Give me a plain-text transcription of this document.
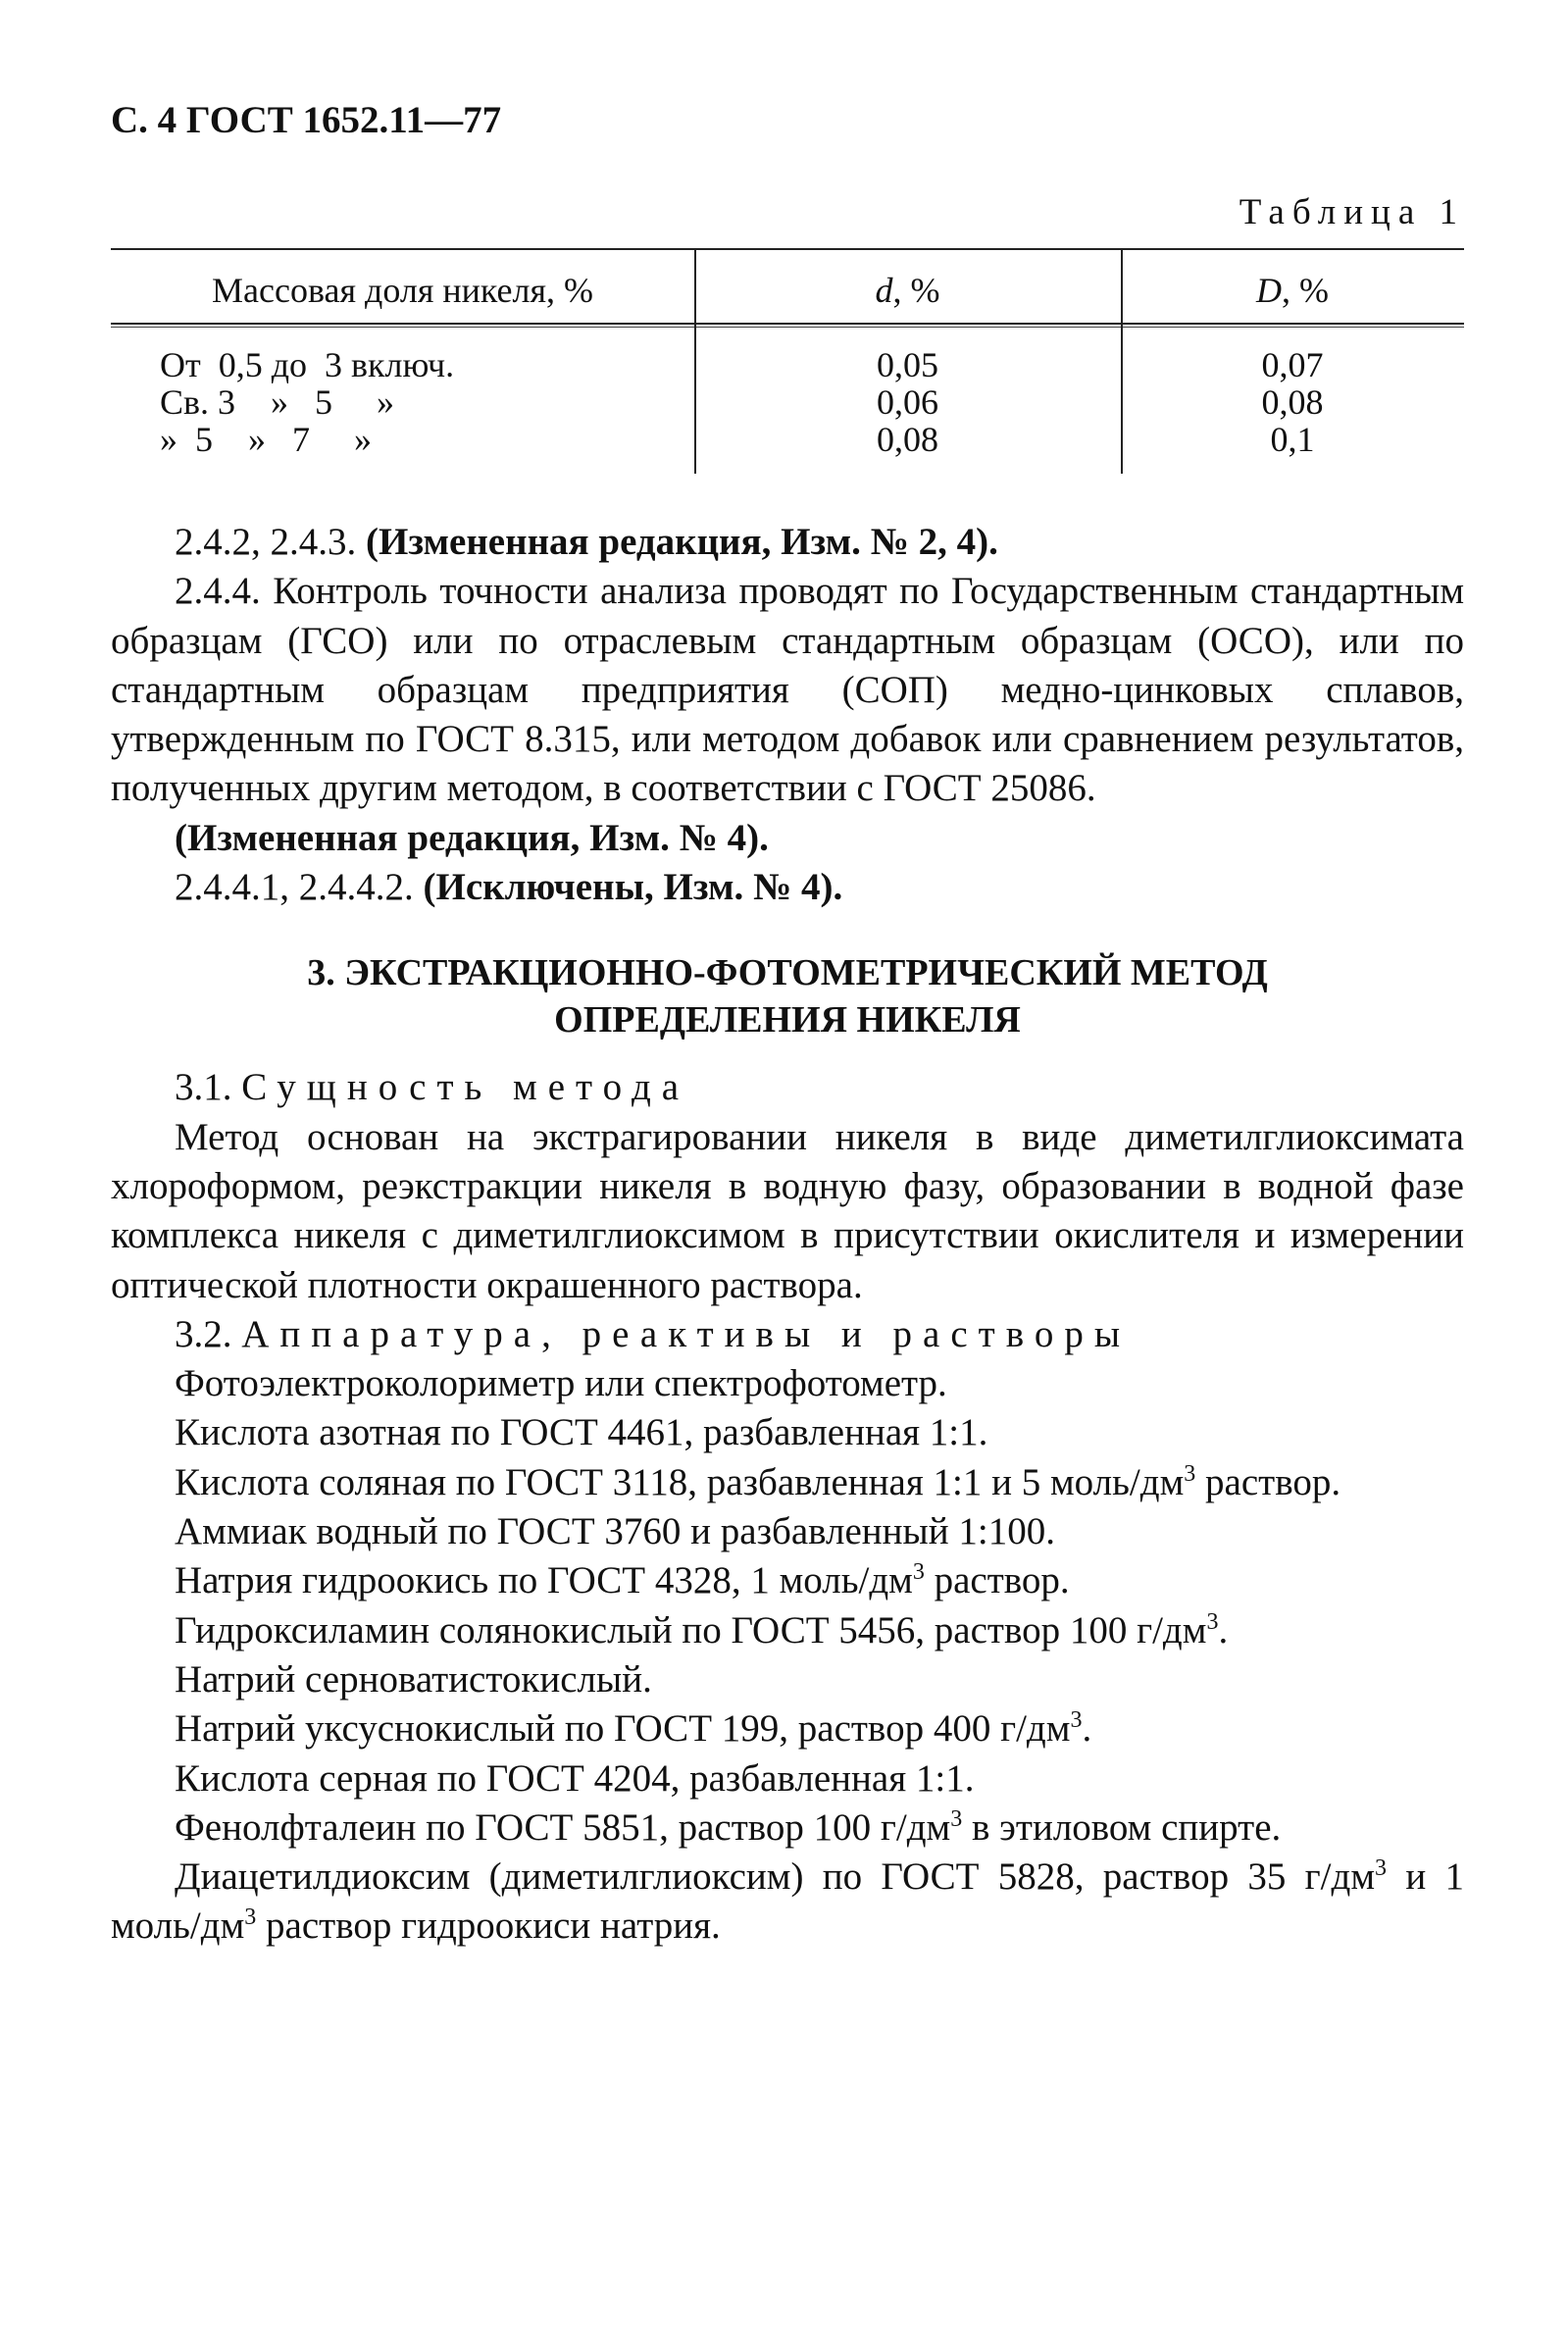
С. 4 ГОСТ 1652.11—77
Таблица 1
Массовая доля никеля, %	d, %	D, %
От  0,5 до  3 включ.
Св. 3    »   5     »
»  5    »   7     »
0,05
0,06
0,08
0,07
0,08
0,1

2.4.2, 2.4.3. (Измененная редакция, Изм. № 2, 4).

2.4.4. Контроль точности анализа проводят по Государственным стандартным образцам (ГСО) или по отраслевым стандартным образцам (ОСО), или по стандартным образцам предприятия (СОП) медно-цинковых сплавов, утвержденным по ГОСТ 8.315, или методом добавок или сравнением результатов, полученных другим методом, в соответствии с ГОСТ 25086.

(Измененная редакция, Изм. № 4).

2.4.4.1, 2.4.4.2. (Исключены, Изм. № 4).

3. ЭКСТРАКЦИОННО-ФОТОМЕТРИЧЕСКИЙ МЕТОД
ОПРЕДЕЛЕНИЯ НИКЕЛЯ

3.1. Сущность метода

Метод основан на экстрагировании никеля в виде диметилглиоксимата хлороформом, реэкстракции никеля в водную фазу, образовании в водной фазе комплекса никеля с диметилглиоксимом в присутствии окислителя и измерении оптической плотности окрашенного раствора.

3.2. Аппаратура, реактивы и растворы

Фотоэлектроколориметр или спектрофотометр.

Кислота азотная по ГОСТ 4461, разбавленная 1:1.

Кислота соляная по ГОСТ 3118, разбавленная 1:1 и 5 моль/$дм^3$ раствор.

Аммиак водный по ГОСТ 3760 и разбавленный 1:100.

Натрия гидроокись по ГОСТ 4328, 1 моль/$дм^3$ раствор.

Гидроксиламин солянокислый по ГОСТ 5456, раствор 100 $г/дм^3$.

Натрий серноватистокислый.

Натрий уксуснокислый по ГОСТ 199, раствор 400 $г/дм^3$.

Кислота серная по ГОСТ 4204, разбавленная 1:1.

Фенолфталеин по ГОСТ 5851, раствор 100 $г/дм^3$ в этиловом спирте.

Диацетилдиоксим (диметилглиоксим) по ГОСТ 5828, раствор 35 $г/дм^3$ и 1 моль/$дм^3$ раствор гидроокиси натрия.
